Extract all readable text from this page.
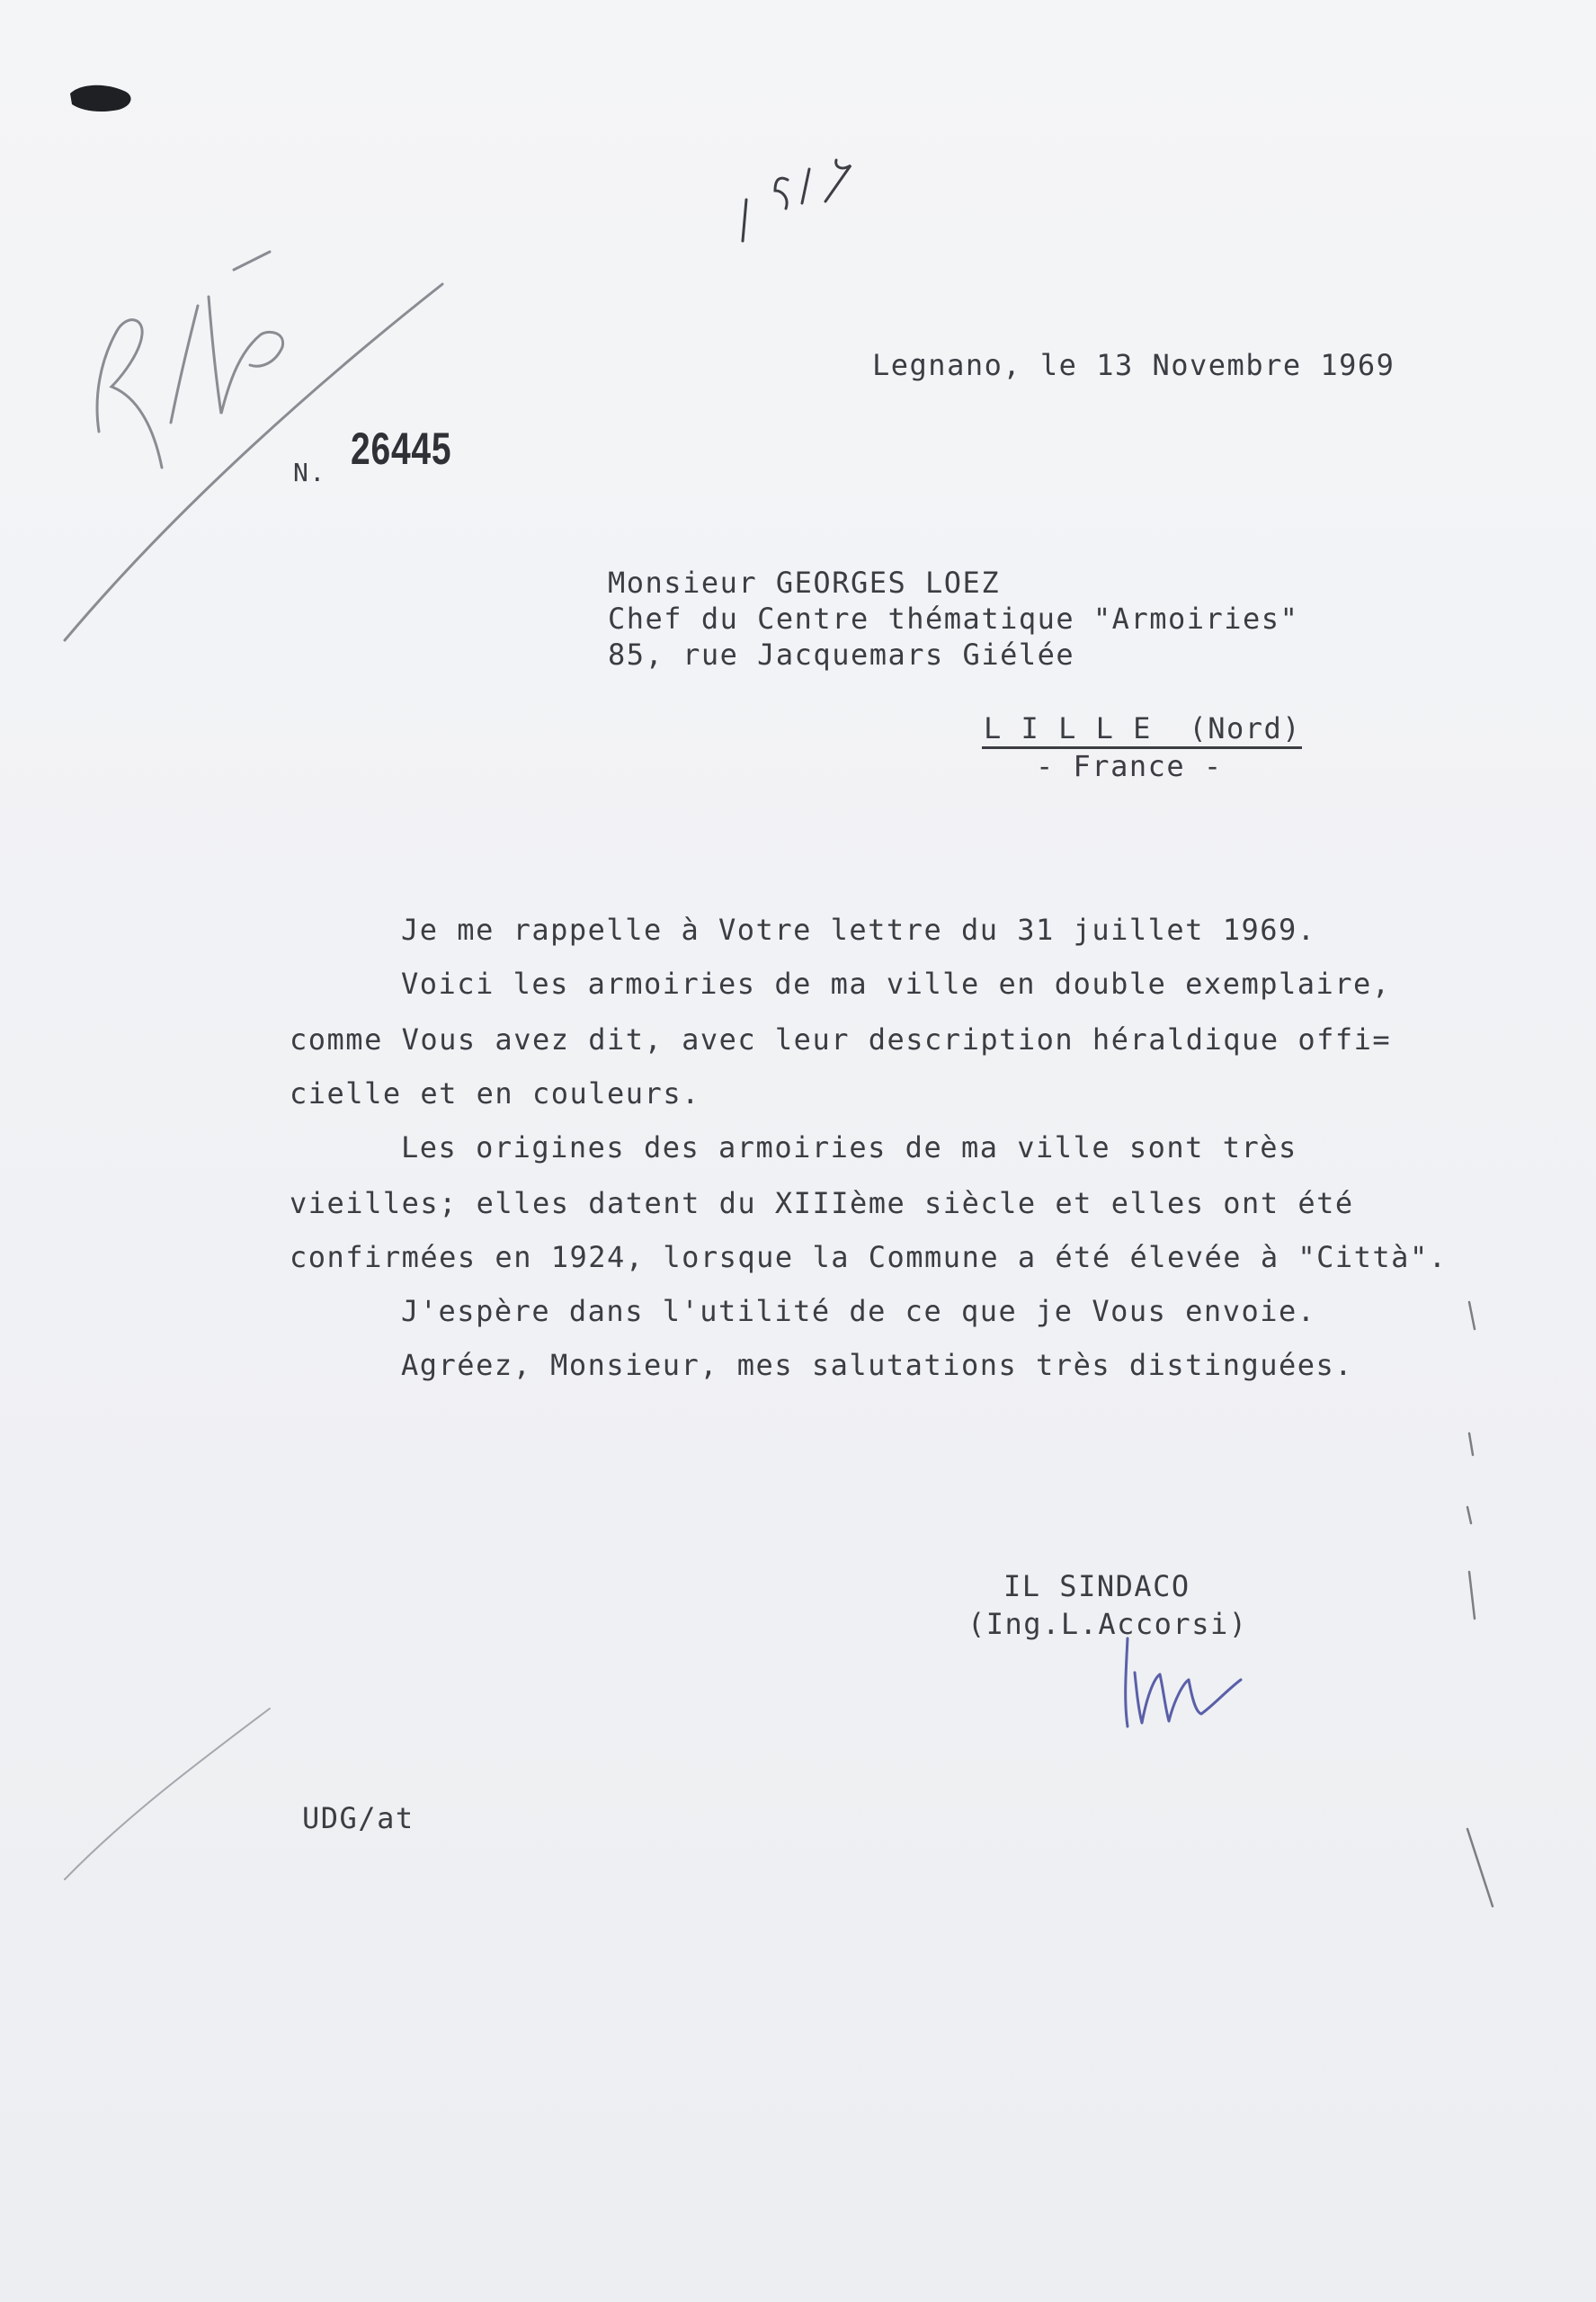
N. 26445
Legnano, le 13 Novembre 1969
Monsieur GEORGES LOEZ
Chef du Centre thématique "Armoiries"
85, rue Jacquemars Giélée
L I L L E  (Nord)
- France -
Je me rappelle à Votre lettre du 31 juillet 1969.
Voici les armoiries de ma ville en double exemplaire,
comme Vous avez dit, avec leur description héraldique offi=
cielle et en couleurs.
Les origines des armoiries de ma ville sont très
vieilles; elles datent du XIIIème siècle et elles ont été
confirmées en 1924, lorsque la Commune a été élevée à "Città".
J'espère dans l'utilité de ce que je Vous envoie.
Agréez, Monsieur, mes salutations très distinguées.
IL SINDACO
(Ing.L.Accorsi)
UDG/at
